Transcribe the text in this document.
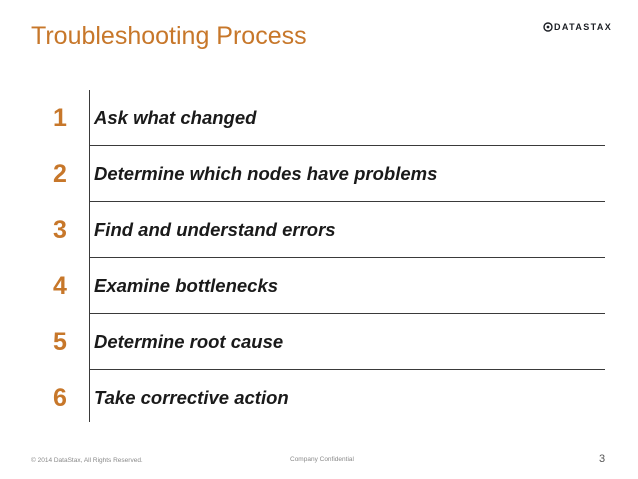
Troubleshooting Process	DATASTAX
1	Ask what changed
2	Determine which nodes have problems
3	Find and understand errors
4	Examine bottlenecks
5	Determine root cause
6	Take corrective action
© 2014 DataStax, All Rights Reserved.	Company Confidential	3
